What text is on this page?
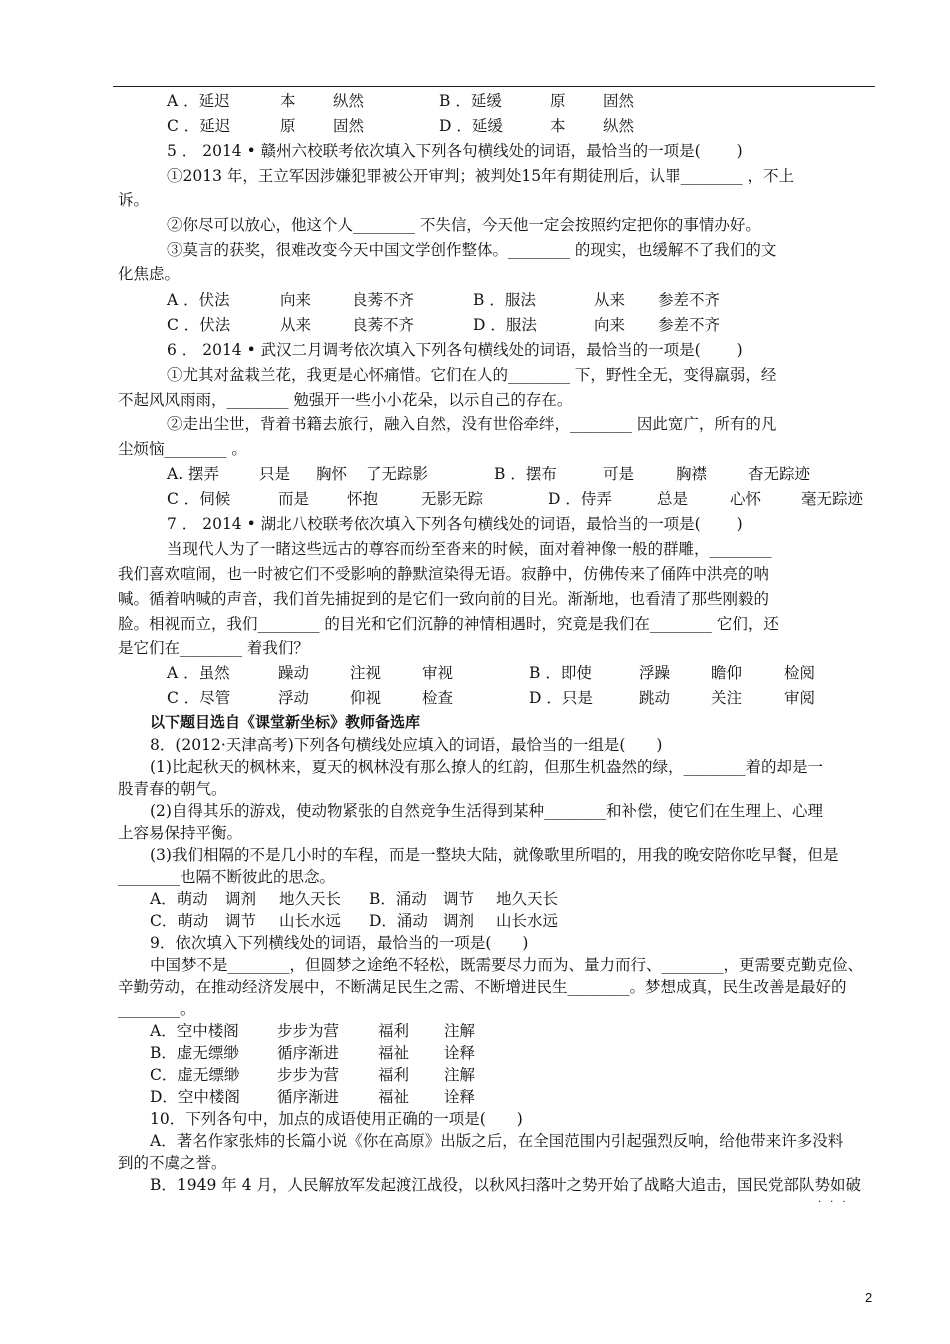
A ．延迟	本 纵然	B ．延缓	原 固然
C ．延迟	原 固然	D ．延缓	本 纵然
5 ． 2014 • 赣州六校联考依次填入下列各句横线处的词语，最恰当的一项是(　　 )
①2013 年，王立军因涉嫌犯罪被公开审判；被判处15年有期徒刑后，认罪________ ，不上
诉。
②你尽可以放心，他这个人________ 不失信，今天他一定会按照约定把你的事情办好。
③莫言的获奖，很难改变今天中国文学创作整体。________ 的现实，也缓解不了我们的文
化焦虑。
A ．伏法	向来	良莠不齐	B ．服法	从来 参差不齐
C ．伏法	从来	良莠不齐	D ．服法	向来 参差不齐
6 ． 2014 • 武汉二月调考依次填入下列各句横线处的词语，最恰当的一项是(　　 )
①尤其对盆栽兰花，我更是心怀痛惜。它们在人的________ 下，野性全无，变得羸弱，经
不起风风雨雨，________ 勉强开一些小小花朵，以示自己的存在。
②走出尘世，背着书籍去旅行，融入自然，没有世俗牵绊，________ 因此宽广，所有的凡
尘烦恼________ 。
A. 摆弄	只是 胸怀 了无踪影	B ．摆布	可是	胸襟	杳无踪迹
C ．伺候	而是 怀抱	无影无踪	D ．侍弄	总是	心怀	毫无踪迹
7 ． 2014 • 湖北八校联考依次填入下列各句横线处的词语，最恰当的一项是(　　 )
当现代人为了一睹这些远古的尊容而纷至沓来的时候，面对着神像一般的群雕，________
我们喜欢喧闹，也一时被它们不受影响的静默渲染得无语。寂静中，仿佛传来了俑阵中洪亮的呐
喊。循着呐喊的声音，我们首先捕捉到的是它们一致向前的目光。渐渐地，也看清了那些刚毅的
脸。相视而立，我们________ 的目光和它们沉静的神情相遇时，究竟是我们在________ 它们，还
是它们在________ 着我们？
A ．虽然	躁动	注视	审视	B ．即使	浮躁	瞻仰	检阅
C ．尽管	浮动	仰视	检查	D ．只是	跳动	关注	审阅
以下题目选自《课堂新坐标》教师备选库
8．(2012·天津高考)下列各句横线处应填入的词语，最恰当的一组是(　　)
(1)比起秋天的枫林来，夏天的枫林没有那么撩人的红韵，但那生机盎然的绿，________着的却是一
股青春的朝气。
(2)自得其乐的游戏，使动物紧张的自然竞争生活得到某种________和补偿，使它们在生理上、心理
上容易保持平衡。
(3)我们相隔的不是几小时的车程，而是一整块大陆，就像歌里所唱的，用我的晚安陪你吃早餐，但是
________也隔不断彼此的思念。
A．萌动 调剂 地久天长 B．涌动 调节 地久天长
C．萌动 调节 山长水远 D．涌动 调剂 山长水远
9．依次填入下列横线处的词语，最恰当的一项是(　　)
中国梦不是________，但圆梦之途绝不轻松，既需要尽力而为、量力而行、________，更需要克勤克俭、
辛勤劳动，在推动经济发展中，不断满足民生之需、不断增进民生________。梦想成真，民生改善是最好的
________。
A．空中楼阁 步步为营	福利 注解
B．虚无缥缈 循序渐进	福祉 诠释
C．虚无缥缈 步步为营	福利 注解
D．空中楼阁 循序渐进	福祉 诠释
10．下列各句中，加点的成语使用正确的一项是(　　)
A．著名作家张炜的长篇小说《你在高原》出版之后，在全国范围内引起强烈反响，给他带来许多没料
到的不虞之誉。
B．1949 年 4 月，人民解放军发起渡江战役，以秋风扫落叶之势开始了战略大追击，国民党部队势如破
···
2
